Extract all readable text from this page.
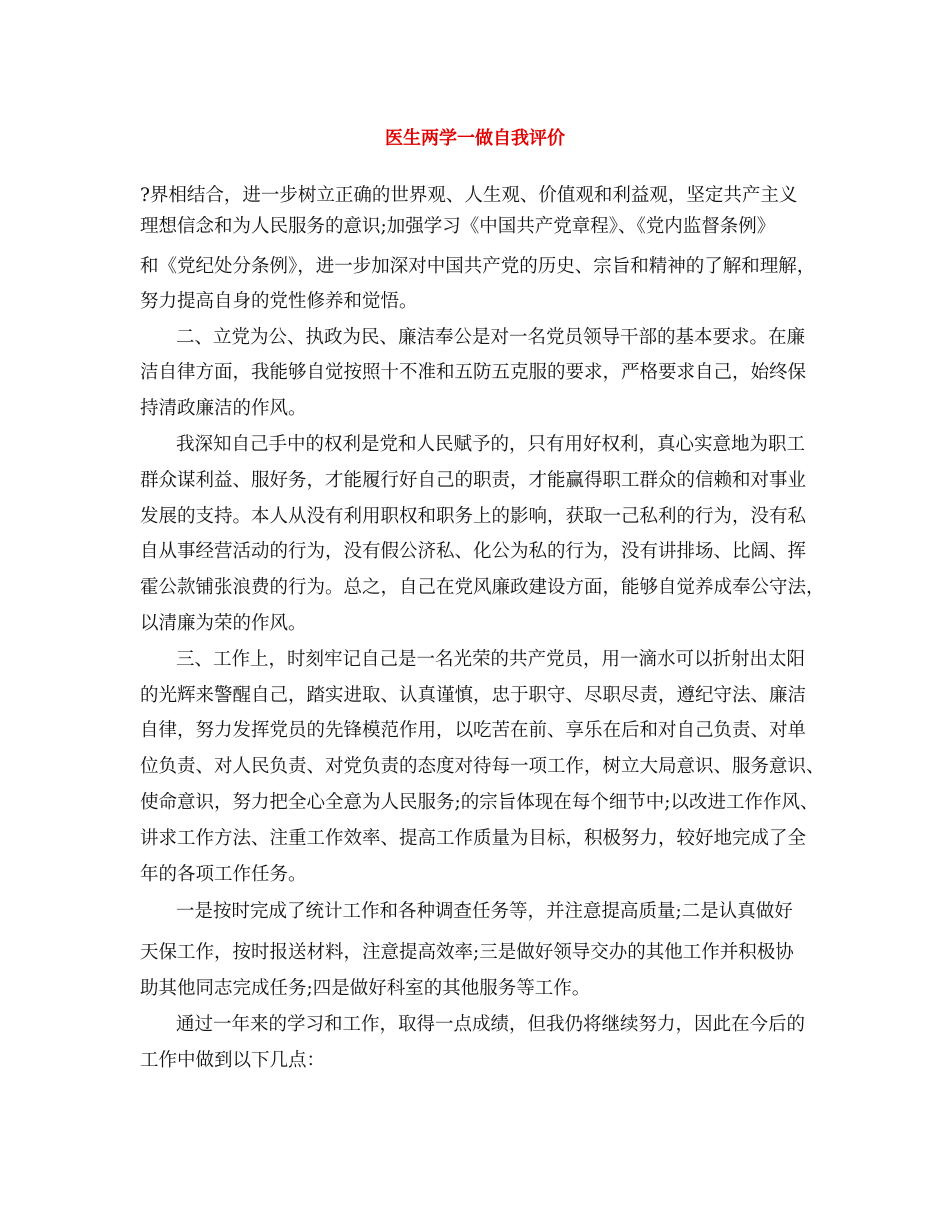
医生两学一做自我评价
?界相结合，进一步树立正确的世界观、人生观、价值观和利益观，坚定共产主义
理想信念和为人民服务的意识;加强学习《中国共产党章程》、《党内监督条例》
和《党纪处分条例》，进一步加深对中国共产党的历史、宗旨和精神的了解和理解，
努力提高自身的党性修养和觉悟。
二、立党为公、执政为民、廉洁奉公是对一名党员领导干部的基本要求。在廉
洁自律方面，我能够自觉按照十不准和五防五克服的要求，严格要求自己，始终保
持清政廉洁的作风。
我深知自己手中的权利是党和人民赋予的，只有用好权利，真心实意地为职工
群众谋利益、服好务，才能履行好自己的职责，才能赢得职工群众的信赖和对事业
发展的支持。本人从没有利用职权和职务上的影响，获取一己私利的行为，没有私
自从事经营活动的行为，没有假公济私、化公为私的行为，没有讲排场、比阔、挥
霍公款铺张浪费的行为。总之，自己在党风廉政建设方面，能够自觉养成奉公守法，
以清廉为荣的作风。
三、工作上，时刻牢记自己是一名光荣的共产党员，用一滴水可以折射出太阳
的光辉来警醒自己，踏实进取、认真谨慎，忠于职守、尽职尽责，遵纪守法、廉洁
自律，努力发挥党员的先锋模范作用，以吃苦在前、享乐在后和对自己负责、对单
位负责、对人民负责、对党负责的态度对待每一项工作，树立大局意识、服务意识、
使命意识，努力把全心全意为人民服务;的宗旨体现在每个细节中;以改进工作作风、
讲求工作方法、注重工作效率、提高工作质量为目标，积极努力，较好地完成了全
年的各项工作任务。
一是按时完成了统计工作和各种调查任务等，并注意提高质量;二是认真做好
天保工作，按时报送材料，注意提高效率;三是做好领导交办的其他工作并积极协
助其他同志完成任务;四是做好科室的其他服务等工作。
通过一年来的学习和工作，取得一点成绩，但我仍将继续努力，因此在今后的
工作中做到以下几点：
